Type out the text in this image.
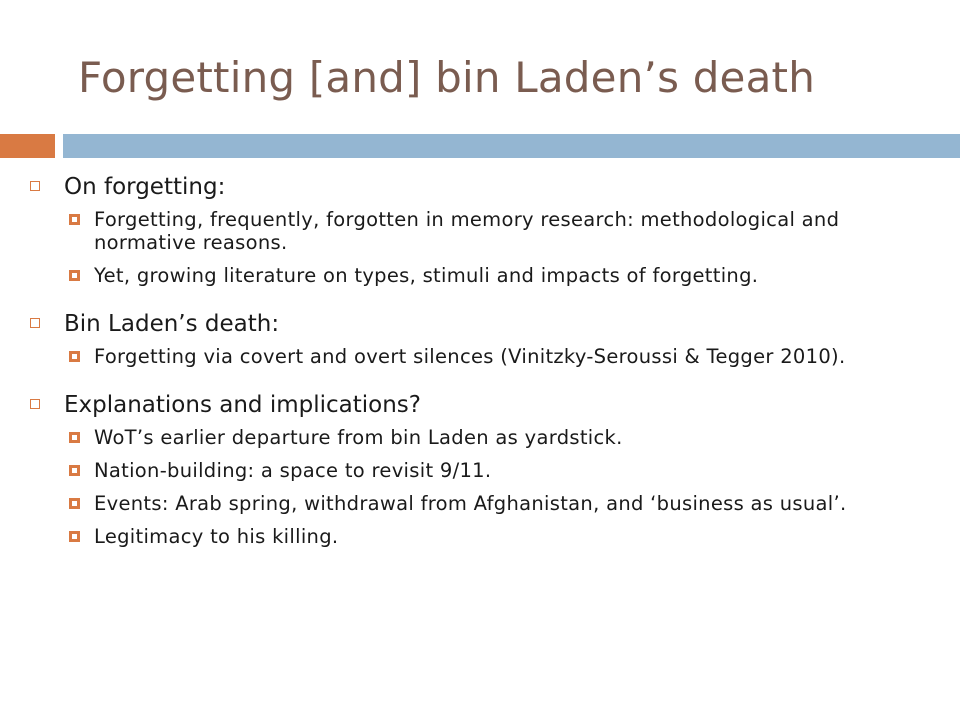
Forgetting [and] bin Laden’s death
On forgetting:
Forgetting, frequently, forgotten in memory research: methodological and normative reasons.
Yet, growing literature on types, stimuli and impacts of forgetting.
Bin Laden’s death:
Forgetting via covert and overt silences (Vinitzky-Seroussi & Tegger 2010).
Explanations and implications?
WoT’s earlier departure from bin Laden as yardstick.
Nation-building: a space to revisit 9/11.
Events: Arab spring, withdrawal from Afghanistan, and ‘business as usual’.
Legitimacy to his killing.
